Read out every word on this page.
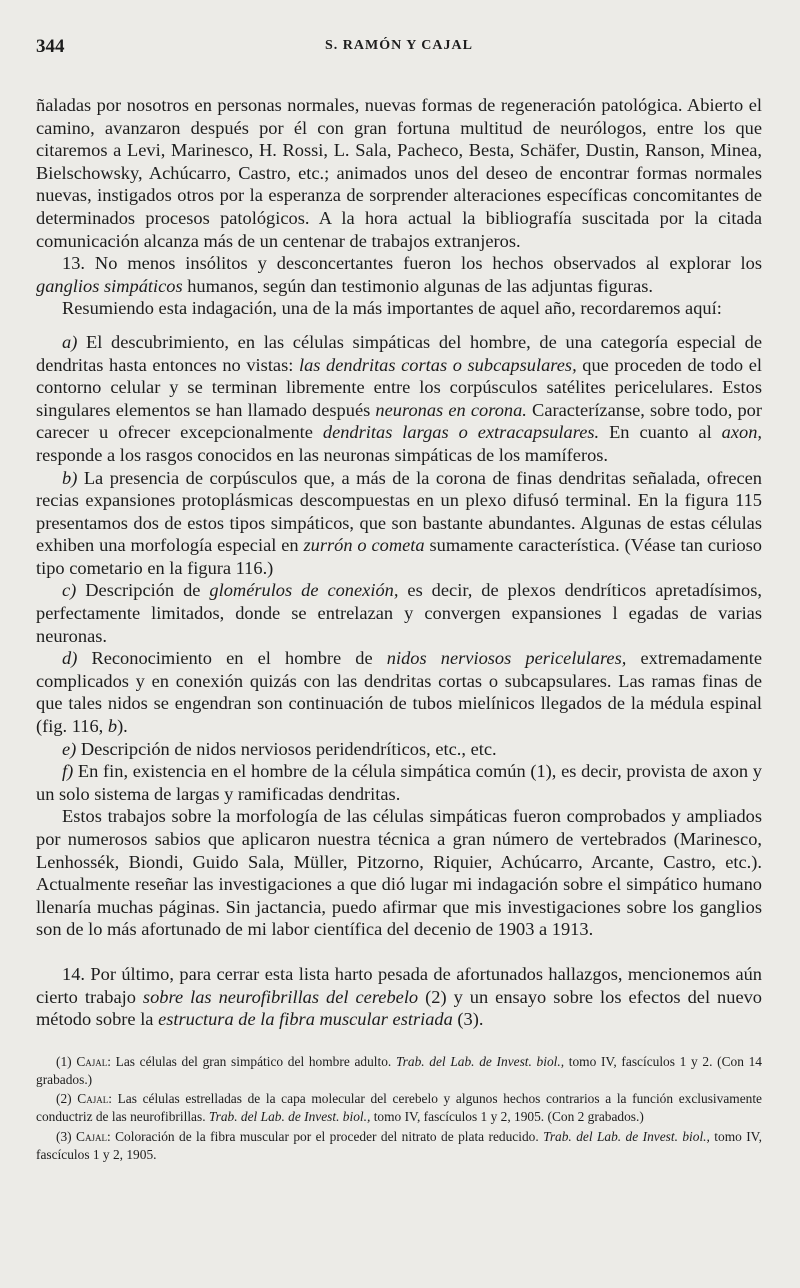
344	S. RAMÓN Y CAJAL

ñaladas por nosotros en personas normales, nuevas formas de regeneración patológica. Abierto el camino, avanzaron después por él con gran fortuna multitud de neurólogos, entre los que citaremos a Levi, Marinesco, H. Rossi, L. Sala, Pacheco, Besta, Schäfer, Dustin, Ranson, Minea, Bielschowsky, Achúcarro, Castro, etc.; animados unos del deseo de encontrar formas normales nuevas, instigados otros por la esperanza de sorprender alteraciones específicas concomitantes de determinados procesos patológicos. A la hora actual la bibliografía suscitada por la citada comunicación alcanza más de un centenar de trabajos extranjeros.

13. No menos insólitos y desconcertantes fueron los hechos observados al explorar los ganglios simpáticos humanos, según dan testimonio algunas de las adjuntas figuras.

Resumiendo esta indagación, una de la más importantes de aquel año, recordaremos aquí:

a) El descubrimiento, en las células simpáticas del hombre, de una categoría especial de dendritas hasta entonces no vistas: las dendritas cortas o subcapsulares, que proceden de todo el contorno celular y se terminan libremente entre los corpúsculos satélites pericelulares. Estos singulares elementos se han llamado después neuronas en corona. Caracterízanse, sobre todo, por carecer u ofrecer excepcionalmente dendritas largas o extracapsulares. En cuanto al axon, responde a los rasgos conocidos en las neuronas simpáticas de los mamíferos.

b) La presencia de corpúsculos que, a más de la corona de finas dendritas señalada, ofrecen recias expansiones protoplásmicas descompuestas en un plexo difusó terminal. En la figura 115 presentamos dos de estos tipos simpáticos, que son bastante abundantes. Algunas de estas células exhiben una morfología especial en zurrón o cometa sumamente característica. (Véase tan curioso tipo cometario en la figura 116.)

c) Descripción de glomérulos de conexión, es decir, de plexos dendríticos apretadísimos, perfectamente limitados, donde se entrelazan y convergen expansiones l egadas de varias neuronas.

d) Reconocimiento en el hombre de nidos nerviosos pericelulares, extremadamente complicados y en conexión quizás con las dendritas cortas o subcapsulares. Las ramas finas de que tales nidos se engendran son continuación de tubos mielínicos llegados de la médula espinal (fig. 116, b).

e) Descripción de nidos nerviosos peridendríticos, etc., etc.

f) En fin, existencia en el hombre de la célula simpática común (1), es decir, provista de axon y un solo sistema de largas y ramificadas dendritas.

Estos trabajos sobre la morfología de las células simpáticas fueron comprobados y ampliados por numerosos sabios que aplicaron nuestra técnica a gran número de vertebrados (Marinesco, Lenhossék, Biondi, Guido Sala, Müller, Pitzorno, Riquier, Achúcarro, Arcante, Castro, etc.). Actualmente reseñar las investigaciones a que dió lugar mi indagación sobre el simpático humano llenaría muchas páginas. Sin jactancia, puedo afirmar que mis investigaciones sobre los ganglios son de lo más afortunado de mi labor científica del decenio de 1903 a 1913.

14. Por último, para cerrar esta lista harto pesada de afortunados hallazgos, mencionemos aún cierto trabajo sobre las neurofibrillas del cerebelo (2) y un ensayo sobre los efectos del nuevo método sobre la estructura de la fibra muscular estriada (3).

(1) Cajal: Las células del gran simpático del hombre adulto. Trab. del Lab. de Invest. biol., tomo IV, fascículos 1 y 2. (Con 14 grabados.)

(2) Cajal: Las células estrelladas de la capa molecular del cerebelo y algunos hechos contrarios a la función exclusivamente conductriz de las neurofibrillas. Trab. del Lab. de Invest. biol., tomo IV, fascículos 1 y 2, 1905. (Con 2 grabados.)

(3) Cajal: Coloración de la fibra muscular por el proceder del nitrato de plata reducido. Trab. del Lab. de Invest. biol., tomo IV, fascículos 1 y 2, 1905.
